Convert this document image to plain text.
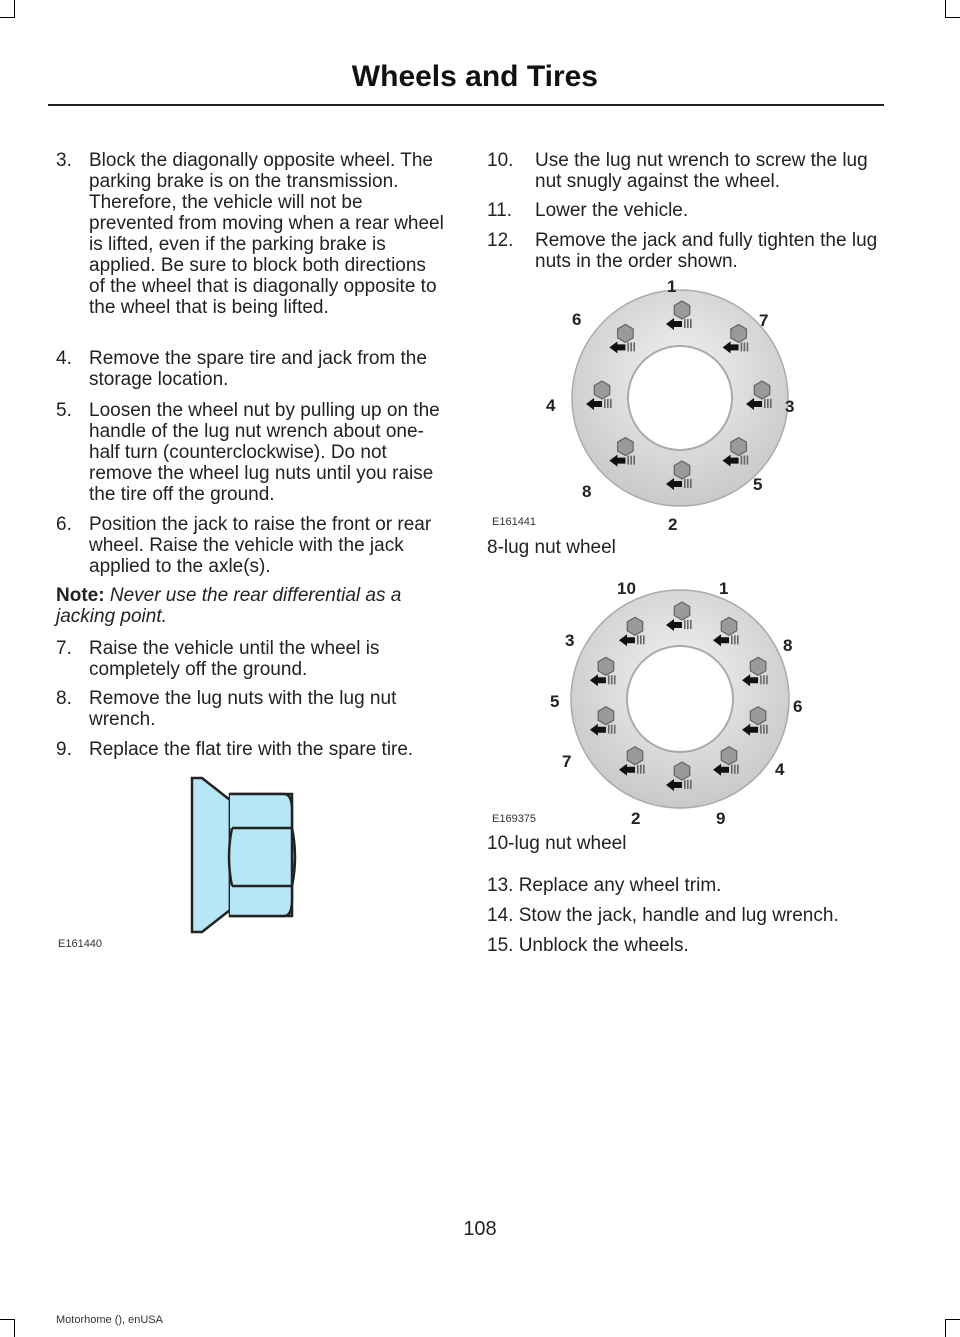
Wheels and Tires
3. Block the diagonally opposite wheel. The parking brake is on the transmission. Therefore, the vehicle will not be prevented from moving when a rear wheel is lifted, even if the parking brake is applied. Be sure to block both directions of the wheel that is diagonally opposite to the wheel that is being lifted.
4. Remove the spare tire and jack from the storage location.
5. Loosen the wheel nut by pulling up on the handle of the lug nut wrench about one-half turn (counterclockwise). Do not remove the wheel lug nuts until you raise the tire off the ground.
6. Position the jack to raise the front or rear wheel. Raise the vehicle with the jack applied to the axle(s).
Note: Never use the rear differential as a jacking point.
7. Raise the vehicle until the wheel is completely off the ground.
8. Remove the lug nuts with the lug nut wrench.
9. Replace the flat tire with the spare tire.
E161440
10. Use the lug nut wrench to screw the lug nut snugly against the wheel.
11. Lower the vehicle.
12. Remove the jack and fully tighten the lug nuts in the order shown.
1
7
3
5
2
8
4
6
E161441
8-lug nut wheel
10	1
8
6
4
9
2
7
5
3
E169375
10-lug nut wheel
13. Replace any wheel trim.
14. Stow the jack, handle and lug wrench.
15. Unblock the wheels.
108
Motorhome (), enUSA
